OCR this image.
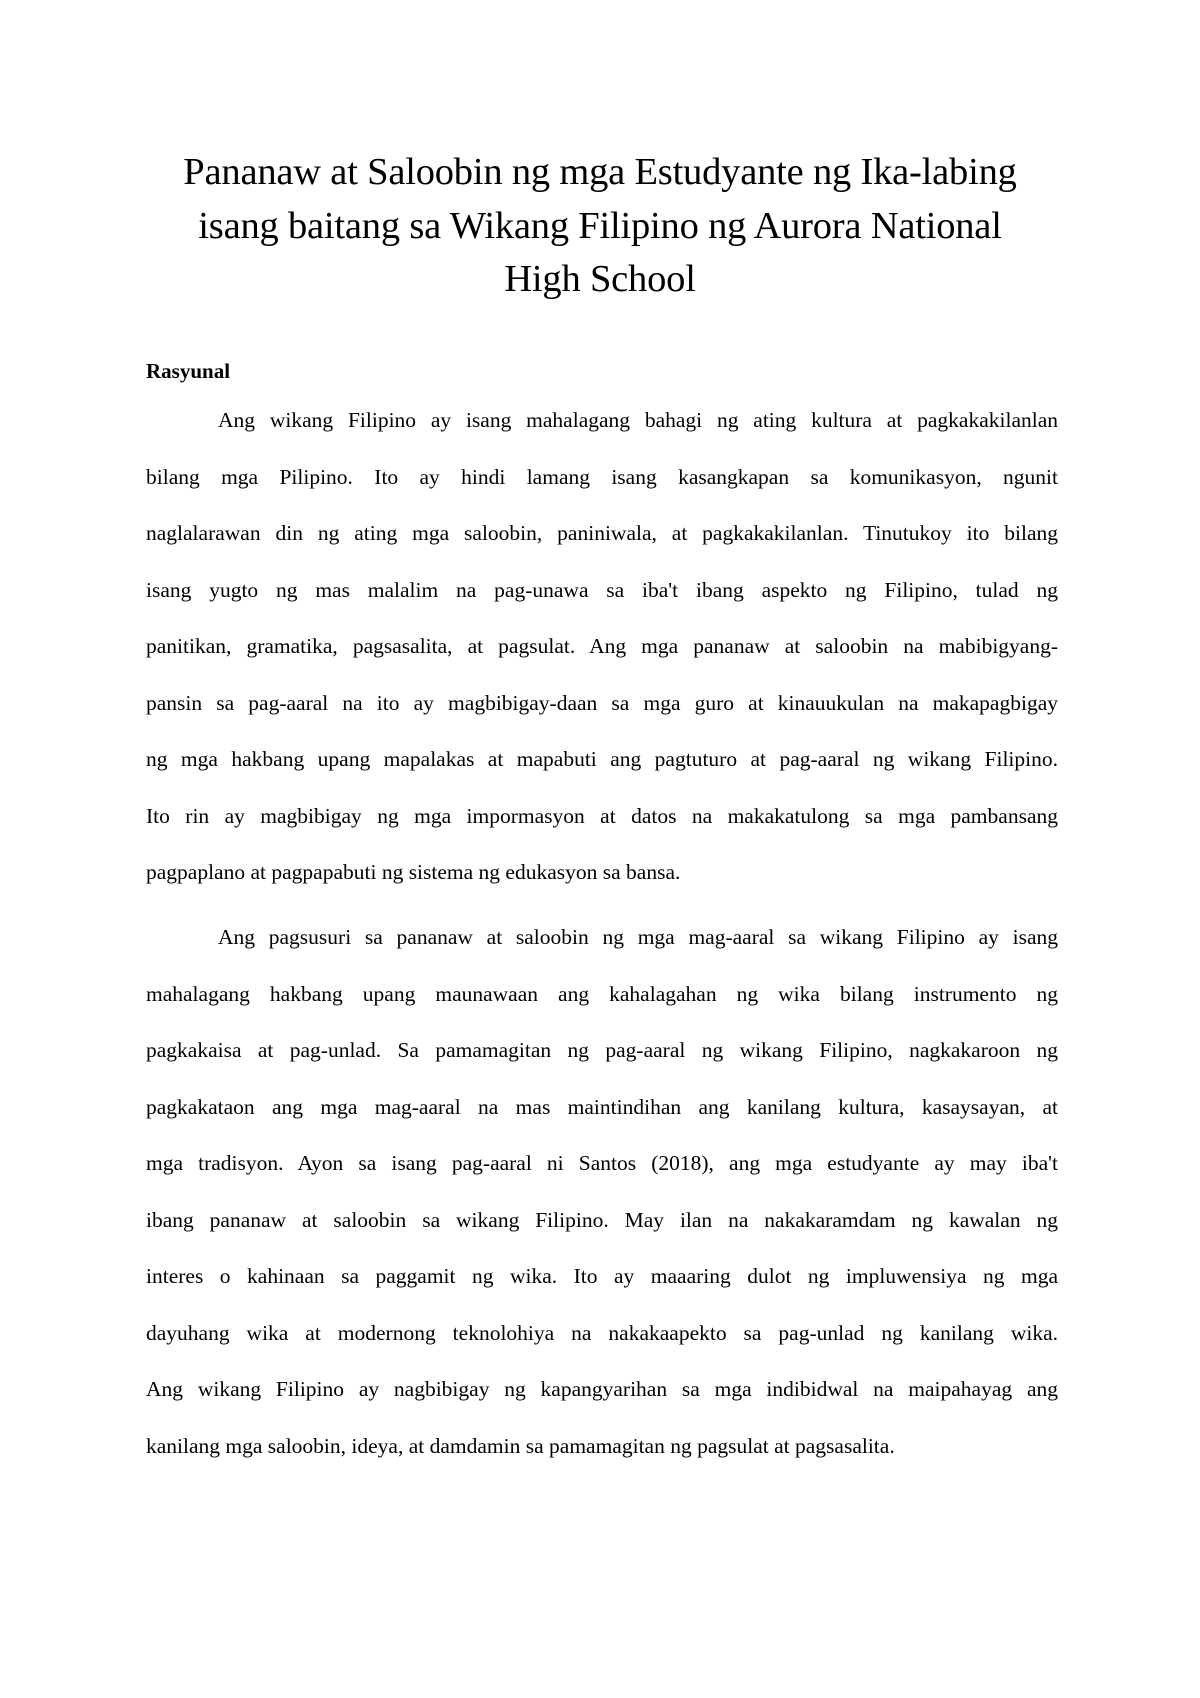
Pananaw at Saloobin ng mga Estudyante ng Ika-labing
isang baitang sa Wikang Filipino ng Aurora National
High School
Rasyunal

Ang wikang Filipino ay isang mahalagang bahagi ng ating kultura at pagkakakilanlan
bilang mga Pilipino. Ito ay hindi lamang isang kasangkapan sa komunikasyon, ngunit
naglalarawan din ng ating mga saloobin, paniniwala, at pagkakakilanlan. Tinutukoy ito bilang
isang yugto ng mas malalim na pag-unawa sa iba't ibang aspekto ng Filipino, tulad ng
panitikan, gramatika, pagsasalita, at pagsulat. Ang mga pananaw at saloobin na mabibigyang-
pansin sa pag-aaral na ito ay magbibigay-daan sa mga guro at kinauukulan na makapagbigay
ng mga hakbang upang mapalakas at mapabuti ang pagtuturo at pag-aaral ng wikang Filipino.
Ito rin ay magbibigay ng mga impormasyon at datos na makakatulong sa mga pambansang
pagpaplano at pagpapabuti ng sistema ng edukasyon sa bansa.

Ang pagsusuri sa pananaw at saloobin ng mga mag-aaral sa wikang Filipino ay isang
mahalagang hakbang upang maunawaan ang kahalagahan ng wika bilang instrumento ng
pagkakaisa at pag-unlad. Sa pamamagitan ng pag-aaral ng wikang Filipino, nagkakaroon ng
pagkakataon ang mga mag-aaral na mas maintindihan ang kanilang kultura, kasaysayan, at
mga tradisyon. Ayon sa isang pag-aaral ni Santos (2018), ang mga estudyante ay may iba't
ibang pananaw at saloobin sa wikang Filipino. May ilan na nakakaramdam ng kawalan ng
interes o kahinaan sa paggamit ng wika. Ito ay maaaring dulot ng impluwensiya ng mga
dayuhang wika at modernong teknolohiya na nakakaapekto sa pag-unlad ng kanilang wika.
Ang wikang Filipino ay nagbibigay ng kapangyarihan sa mga indibidwal na maipahayag ang
kanilang mga saloobin, ideya, at damdamin sa pamamagitan ng pagsulat at pagsasalita.
